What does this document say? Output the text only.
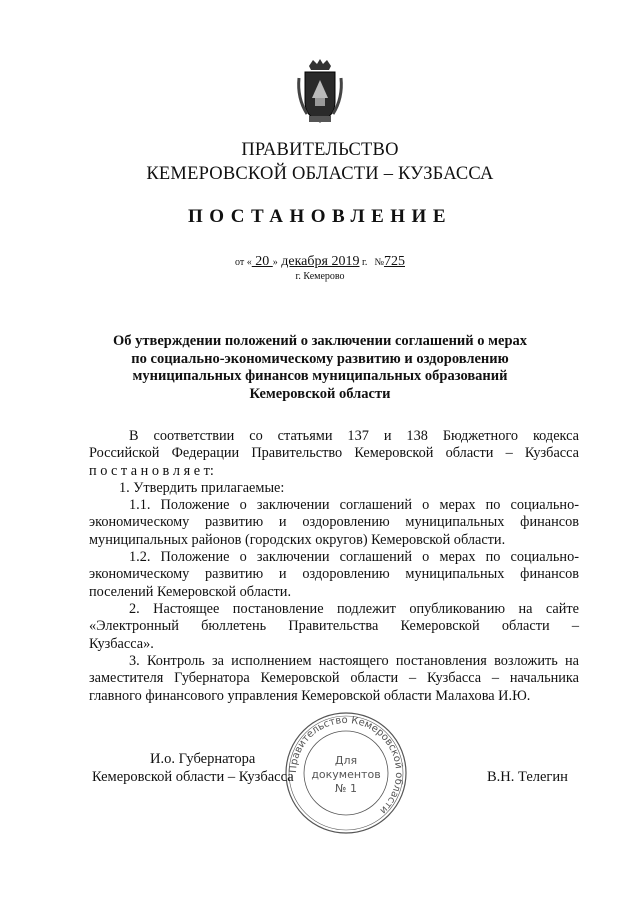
ПРАВИТЕЛЬСТВО
КЕМЕРОВСКОЙ ОБЛАСТИ – КУЗБАССА
ПОСТАНОВЛЕНИЕ
от « 20 » декабря 2019 г. №725
г. Кемерово
Об утверждении положений о заключении соглашений о мерах
по социально-экономическому развитию и оздоровлению
муниципальных финансов муниципальных образований
Кемеровской области
В соответствии со статьями 137 и 138 Бюджетного кодекса
Российской Федерации Правительство Кемеровской области – Кузбасса
п о с т а н о в л я е т:
1. Утвердить прилагаемые:
1.1. Положение о заключении соглашений о мерах по социально-
экономическому развитию и оздоровлению муниципальных финансов
муниципальных районов (городских округов) Кемеровской области.
1.2. Положение о заключении соглашений о мерах по социально-
экономическому развитию и оздоровлению муниципальных финансов
поселений Кемеровской области.
2. Настоящее постановление подлежит опубликованию на сайте
«Электронный бюллетень Правительства Кемеровской области –
Кузбасса».
3. Контроль за исполнением настоящего постановления возложить на
заместителя Губернатора Кемеровской области – Кузбасса – начальника
главного финансового управления Кемеровской области Малахова И.Ю.
Правительство Кемеровской области
Для
документов
№ 1
И.о. Губернатора
Кемеровской области – Кузбасса	В.Н. Телегин
